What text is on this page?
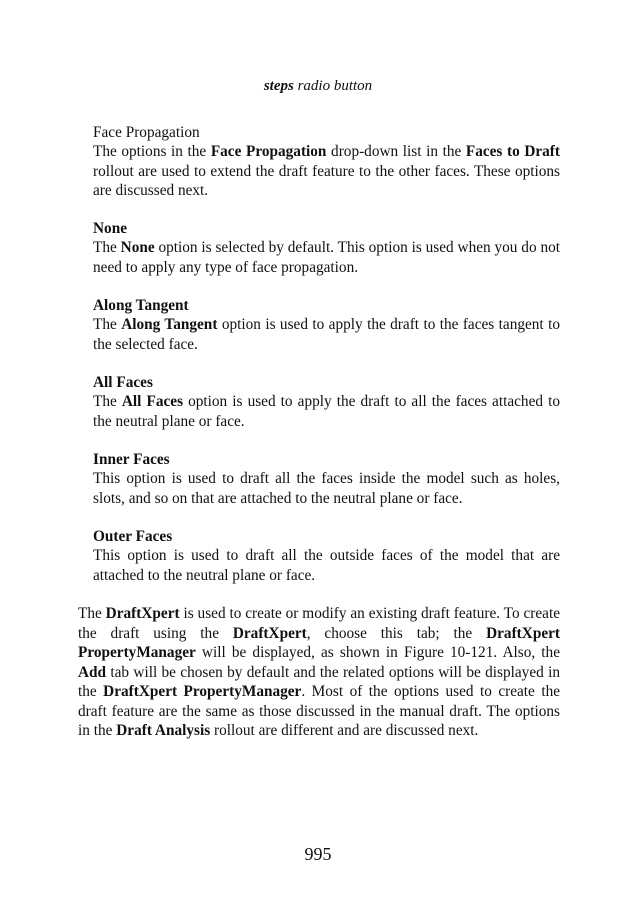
steps radio button
Face Propagation
The options in the Face Propagation drop-down list in the Faces to Draft rollout are used to extend the draft feature to the other faces. These options are discussed next.
None
The None option is selected by default. This option is used when you do not need to apply any type of face propagation.
Along Tangent
The Along Tangent option is used to apply the draft to the faces tangent to the selected face.
All Faces
The All Faces option is used to apply the draft to all the faces attached to the neutral plane or face.
Inner Faces
This option is used to draft all the faces inside the model such as holes, slots, and so on that are attached to the neutral plane or face.
Outer Faces
This option is used to draft all the outside faces of the model that are attached to the neutral plane or face.
The DraftXpert is used to create or modify an existing draft feature. To create the draft using the DraftXpert, choose this tab; the DraftXpert PropertyManager will be displayed, as shown in Figure 10-121. Also, the Add tab will be chosen by default and the related options will be displayed in the DraftXpert PropertyManager. Most of the options used to create the draft feature are the same as those discussed in the manual draft. The options in the Draft Analysis rollout are different and are discussed next.
995
